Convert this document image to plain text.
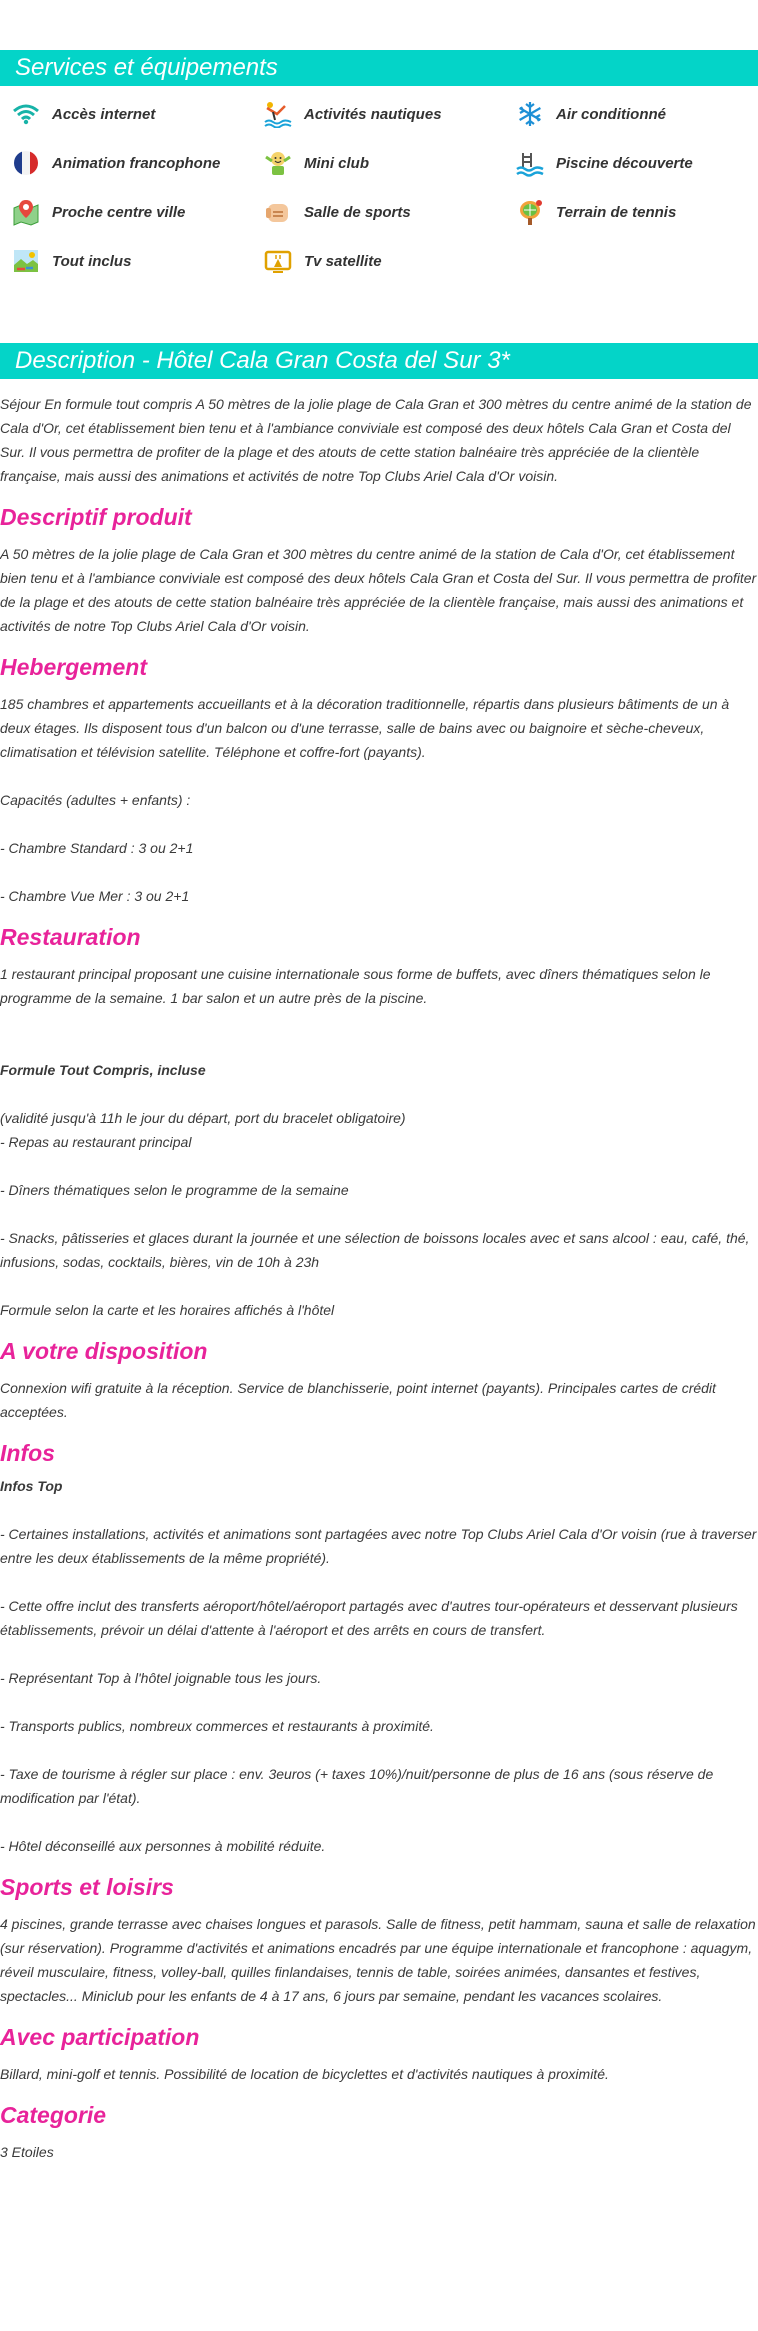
Services et équipements
Accès internet	Activités nautiques	Air conditionné
Animation francophone	Mini club	Piscine découverte
Proche centre ville	Salle de sports	Terrain de tennis
Tout inclus	Tv satellite
Description - Hôtel Cala Gran Costa del Sur 3*

Séjour En formule tout compris A 50 mètres de la jolie plage de Cala Gran et 300 mètres du centre animé de la station de Cala d'Or, cet établissement bien tenu et à l'ambiance conviviale est composé des deux hôtels Cala Gran et Costa del Sur. Il vous permettra de profiter de la plage et des atouts de cette station balnéaire très appréciée de la clientèle française, mais aussi des animations et activités de notre Top Clubs Ariel Cala d'Or voisin.

Descriptif produit

A 50 mètres de la jolie plage de Cala Gran et 300 mètres du centre animé de la station de Cala d'Or, cet établissement bien tenu et à l'ambiance conviviale est composé des deux hôtels Cala Gran et Costa del Sur. Il vous permettra de profiter de la plage et des atouts de cette station balnéaire très appréciée de la clientèle française, mais aussi des animations et activités de notre Top Clubs Ariel Cala d'Or voisin.

Hebergement

185 chambres et appartements accueillants et à la décoration traditionnelle, répartis dans plusieurs bâtiments de un à deux étages. Ils disposent tous d'un balcon ou d'une terrasse, salle de bains avec ou baignoire et sèche-cheveux, climatisation et télévision satellite. Téléphone et coffre-fort (payants).

Capacités (adultes + enfants) :

- Chambre Standard : 3 ou 2+1

- Chambre Vue Mer : 3 ou 2+1

Restauration

1 restaurant principal proposant une cuisine internationale sous forme de buffets, avec dîners thématiques selon le programme de la semaine. 1 bar salon et un autre près de la piscine.

Formule Tout Compris, incluse

(validité jusqu'à 11h le jour du départ, port du bracelet obligatoire)

- Repas au restaurant principal

- Dîners thématiques selon le programme de la semaine

- Snacks, pâtisseries et glaces durant la journée et une sélection de boissons locales avec et sans alcool : eau, café, thé, infusions, sodas, cocktails, bières, vin de 10h à 23h

Formule selon la carte et les horaires affichés à l'hôtel

A votre disposition

Connexion wifi gratuite à la réception. Service de blanchisserie, point internet (payants). Principales cartes de crédit acceptées.

Infos

Infos Top

- Certaines installations, activités et animations sont partagées avec notre Top Clubs Ariel Cala d'Or voisin (rue à traverser entre les deux établissements de la même propriété).

- Cette offre inclut des transferts aéroport/hôtel/aéroport partagés avec d'autres tour-opérateurs et desservant plusieurs établissements, prévoir un délai d'attente à l'aéroport et des arrêts en cours de transfert.

- Représentant Top à l'hôtel joignable tous les jours.

- Transports publics, nombreux commerces et restaurants à proximité.

- Taxe de tourisme à régler sur place : env. 3euros (+ taxes 10%)/nuit/personne de plus de 16 ans (sous réserve de modification par l'état).

- Hôtel déconseillé aux personnes à mobilité réduite.

Sports et loisirs

4 piscines, grande terrasse avec chaises longues et parasols. Salle de fitness, petit hammam, sauna et salle de relaxation (sur réservation). Programme d'activités et animations encadrés par une équipe internationale et francophone : aquagym, réveil musculaire, fitness, volley-ball, quilles finlandaises, tennis de table, soirées animées, dansantes et festives, spectacles... Miniclub pour les enfants de 4 à 17 ans, 6 jours par semaine, pendant les vacances scolaires.

Avec participation

Billard, mini-golf et tennis. Possibilité de location de bicyclettes et d'activités nautiques à proximité.

Categorie

3 Etoiles
